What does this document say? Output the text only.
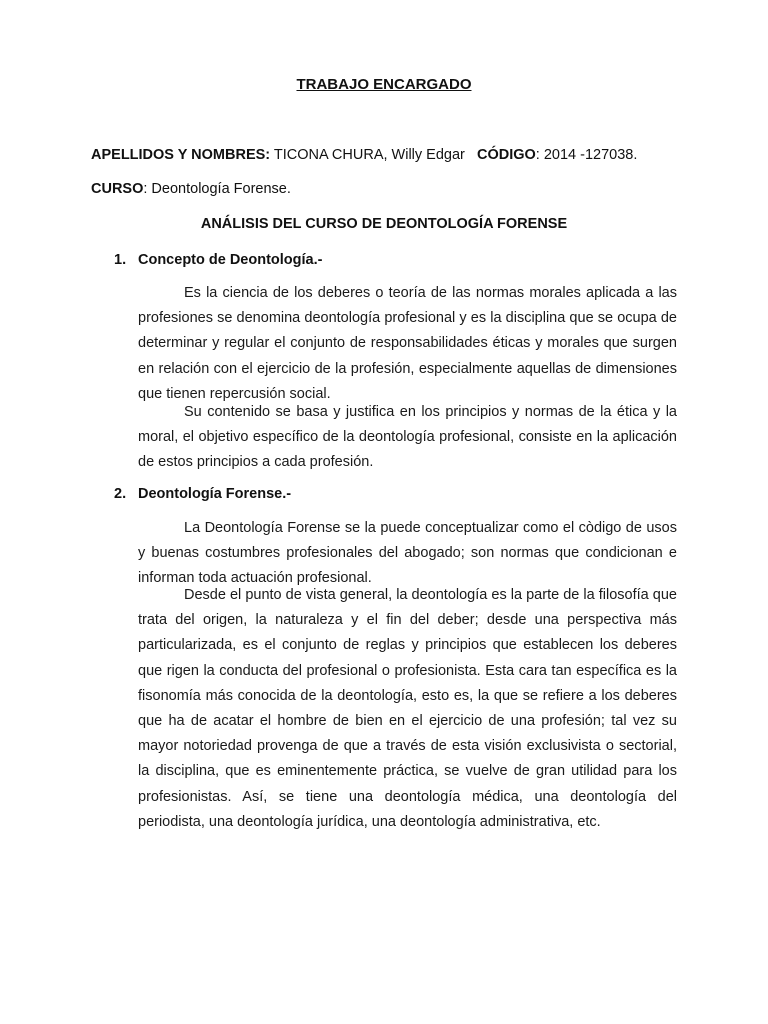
TRABAJO ENCARGADO
APELLIDOS Y NOMBRES: TICONA CHURA, Willy Edgar CÓDIGO: 2014 -127038.
CURSO: Deontología Forense.
ANÁLISIS DEL CURSO DE DEONTOLOGÍA FORENSE
1. Concepto de Deontología.-

Es la ciencia de los deberes o teoría de las normas morales aplicada a las profesiones se denomina deontología profesional y es la disciplina que se ocupa de determinar y regular el conjunto de responsabilidades éticas y morales que surgen en relación con el ejercicio de la profesión, especialmente aquellas de dimensiones que tienen repercusión social.

Su contenido se basa y justifica en los principios y normas de la ética y la moral, el objetivo específico de la deontología profesional, consiste en la aplicación de estos principios a cada profesión.

2. Deontología Forense.-

La Deontología Forense se la puede conceptualizar como el còdigo de usos y buenas costumbres profesionales del abogado; son normas que condicionan e informan toda actuación profesional.

Desde el punto de vista general, la deontología es la parte de la filosofía que trata del origen, la naturaleza y el fin del deber; desde una perspectiva más particularizada, es el conjunto de reglas y principios que establecen los deberes que rigen la conducta del profesional o profesionista. Esta cara tan específica es la fisonomía más conocida de la deontología, esto es, la que se refiere a los deberes que ha de acatar el hombre de bien en el ejercicio de una profesión; tal vez su mayor notoriedad provenga de que a través de esta visión exclusivista o sectorial, la disciplina, que es eminentemente práctica, se vuelve de gran utilidad para los profesionistas. Así, se tiene una deontología médica, una deontología del periodista, una deontología jurídica, una deontología administrativa, etc.
